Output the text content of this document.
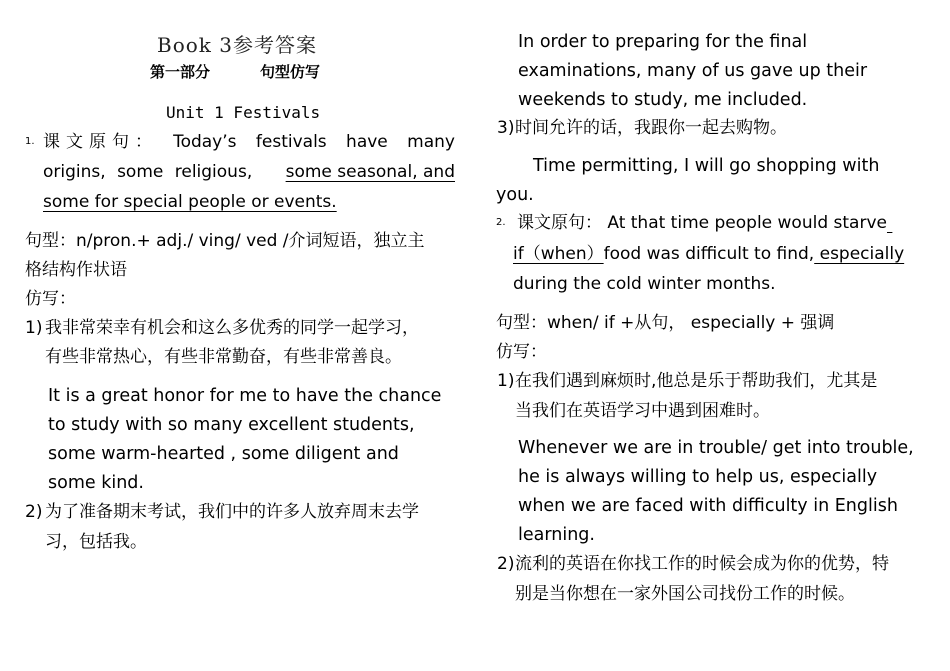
Book 3参考答案
第一部分	句型仿写
Unit 1 Festivals
1. 课文原句： Today’s festivals have many
origins, some religious, some seasonal, and
some for special people or events.
句型：n/pron.+ adj./ ving/ ved /介词短语，独立主
格结构作状语
仿写：
1) 我非常荣幸有机会和这么多优秀的同学一起学习，
有些非常热心，有些非常勤奋，有些非常善良。
It is a great honor for me to have the chance
to study with so many excellent students,
some warm-hearted , some diligent and
some kind.
2) 为了准备期末考试，我们中的许多人放弃周末去学
习，包括我。
In order to preparing for the final
examinations, many of us gave up their
weekends to study, me included.
3) 时间允许的话，我跟你一起去购物。
Time permitting, I will go shopping with
you.
2. 课文原句： At that time people would starve
if（when）food was difficult to find, especially
during the cold winter months.
句型：when/ if +从句， especially + 强调
仿写：
1) 在我们遇到麻烦时,他总是乐于帮助我们，尤其是
当我们在英语学习中遇到困难时。
Whenever we are in trouble/ get into trouble,
he is always willing to help us, especially
when we are faced with difficulty in English
learning.
2) 流利的英语在你找工作的时候会成为你的优势，特
别是当你想在一家外国公司找份工作的时候。
